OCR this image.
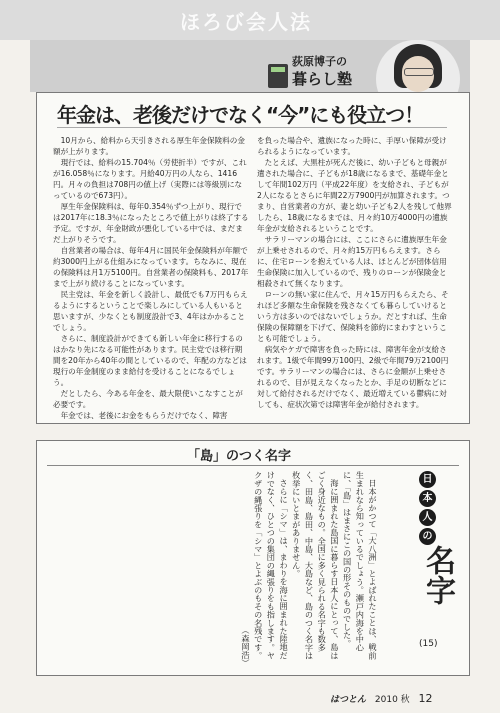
ほろび会人法
荻原博子の
暮らし塾
年金は、老後だけでなく“今”にも役立つ！

10月から、給料から天引きされる厚生年金保険料の金額が上がります。

現行では、給料の15.704％（労使折半）ですが、これが16.058％になります。月給40万円の人なら、1416円。月々の負担は708円の値上げ（実際には等級別になっているので673円）。

厚生年金保険料は、毎年0.354％ずつ上がり、現行では2017年に18.3％になったところで値上がりは終了する予定。ですが、年金財政が悪化している中では、まだまだ上がりそうです。

自営業者の場合は、毎年4月に国民年金保険料が年額で約3000円上がる仕組みになっています。ちなみに、現在の保険料は月1万5100円。自営業者の保険料も、2017年まで上がり続けることになっています。

民主党は、年金を新しく設計し、最低でも7万円もらえるようにするということで楽しみにしている人もいると思いますが、少なくとも制度設計で3、4年はかかることでしょう。

さらに、制度設計ができても新しい年金に移行するのはかなり先になる可能性があります。民主党では移行期間を20年から40年の間としているので、年配の方などは現行の年金制度のまま給付を受けることになるでしょう。

だとしたら、今ある年金を、最大限使いこなすことが必要です。

年金では、老後にお金をもらうだけでなく、障害

を負った場合や、遺族になった時に、手厚い保障が受けられるようになっています。

たとえば、大黒柱が死んだ後に、幼い子どもと母親が遺された場合に、子どもが18歳になるまで、基礎年金として年間102万円（平成22年度）を支給され、子どもが2人になるとさらに年間22万7900円が加算されます。つまり、自営業者の方が、妻と幼い子ども2人を残して他界したら、18歳になるまでは、月々約10万4000円の遺族年金が支給されるということです。

サラリーマンの場合には、ここにさらに遺族厚生年金が上乗せされるので、月々約15万円もらえます。さらに、住宅ローンを抱えている人は、ほとんどが団体信用生命保険に加入しているので、残りのローンが保険金と相殺されて無くなります。

ローンの無い家に住んで、月々15万円もらえたら、それほど多額な生命保険を残さなくても暮らしていけるという方は多いのではないでしょうか。だとすれば、生命保険の保障額を下げて、保険料を節約にまわすということも可能でしょう。

病気やケガで障害を負った時には、障害年金が支給されます。1級で年間99万100円、2級で年間79万2100円です。サラリーマンの場合には、さらに金額が上乗せされるので、目が見えなくなったとか、手足の切断などに対して給付されるだけでなく、最近増えている鬱病に対しても、症状次第では障害年金が給付されます。

「島」のつく名字

日本がかつて「大八洲」とよばれたことは、戦前生まれなら知っているでしょう。瀬戸内海を中心に、「島」はまさにこの国の形そのものでした。

海に囲まれた島国に暮らす日本人にとって、島はごく身近なもの。全国に多く見られる名字も数多く、田島、島田、中島、大島など、島のつく名字は枚挙にいとまがありません。

さらに「シマ」は、まわりを海に囲まれた陸地だけでなく、ひとつの集団の縄張りをも指します。ヤクザの縄張りを「シマ」とよぶのもその名残です。

（森岡浩）
日
本
人
の
名字
(15)
はつとん 2010 秋 12
